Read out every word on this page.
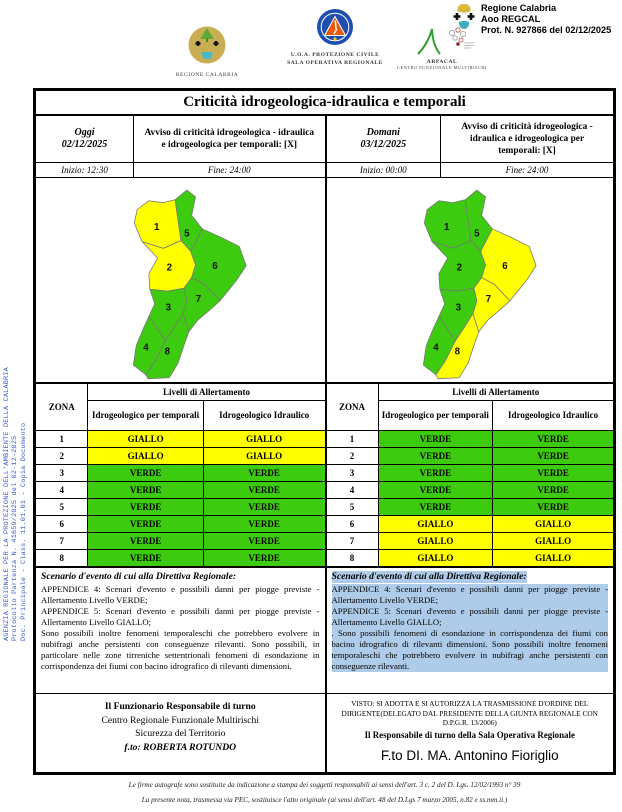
AGENZIA REGIONALE PER LA PROTEZIONE DELL'AMBIENTE DELLA CALABRIA Protocollo Partenza N. 41659/2025 del 02-12-2025 Doc. Principale - Class. 11.01.01 - Copia Documento
REGIONE CALABRIA
U.O.A. PROTEZIONE CIVILE
SALA OPERATIVA REGIONALE	ARPACAL
CENTRO FUNZIONALE MULTIRISCHI
Regione Calabria
Aoo REGCAL
Prot. N. 927866 del 02/12/2025
Criticità idrogeologica-idraulica e temporali
Oggi
02/12/2025
Avviso di criticità idrogeologica - idraulica e idrogeologica per temporali: [X]
Inizio: 12:30	Fine: 24:00
1
2
3
4
5
6
7
8
ZONA	Livelli di Allertamento	
	Idrogeologico per temporali	Idrogeologico Idraulico
1	GIALLO	GIALLO
2	GIALLO	GIALLO
3	VERDE	VERDE
4	VERDE	VERDE
5	VERDE	VERDE
6	VERDE	VERDE
7	VERDE	VERDE
8	VERDE	VERDE
Scenario d'evento di cui alla Direttiva Regionale:
APPENDICE 4: Scenari d'evento e possibili danni per piogge previste - Allertamento Livello VERDE;
APPENDICE 5: Scenari d'evento e possibili danni per piogge previste - Allertamento Livello GIALLO;
Sono possibili inoltre fenomeni temporaleschi che potrebbero evolvere in nubifragi anche persistenti con conseguenze rilevanti. Sono possibili, in particolare nelle zone tirreniche settentrionali fenomeni di esondazione in corrispondenza dei fiumi con bacino idrografico di rilevanti dimensioni.
Il Funzionario Responsabile di turno
Centro Regionale Funzionale Multirischi
Sicurezza del Territorio
f.to: ROBERTA ROTUNDO
Domani
03/12/2025
Avviso di criticità idrogeologica - idraulica e idrogeologica per temporali: [X]
Inizio: 00:00	Fine: 24:00
1
2
3
4
5
6
7
8
ZONA	Livelli di Allertamento	
	Idrogeologico per temporali	Idrogeologico Idraulico
1	VERDE	VERDE
2	VERDE	VERDE
3	VERDE	VERDE
4	VERDE	VERDE
5	VERDE	VERDE
6	GIALLO	GIALLO
7	GIALLO	GIALLO
8	GIALLO	GIALLO
Scenario d'evento di cui alla Direttiva Regionale:
APPENDICE 4: Scenari d'evento e possibili danni per piogge previste - Allertamento Livello VERDE;
APPENDICE 5: Scenari d'evento e possibili danni per piogge previste - Allertamento Livello GIALLO;
. Sono possibili fenomeni di esondazione in corrispondenza dei fiumi con bacino idrografico di rilevanti dimensioni. Sono possibili inoltre fenomeni temporaleschi che potrebbero evolvere in nubifragi anche persistenti con conseguenze rilevanti.
VISTO: SI ADOTTA E SI AUTORIZZA LA TRASMISSIONE D'ORDINE DEL DIRIGENTE(DELEGATO DAL PRESIDENTE DELLA GIUNTA REGIONALE CON D.P.G.R. 13/2006)
Il Responsabile di turno della Sala Operativa Regionale
F.to DI. MA. Antonino Fioriglio
Le firme autografe sono sostituite da indicazione a stampa dei soggetti responsabili ai sensi dell'art. 3 c. 2 del D. Lgs. 12/02/1993 n° 39
La presente nota, trasmessa via PEC, sostituisce l'atto originale (ai sensi dell'art. 48 del D.Lgs 7 marzo 2005, n.82 e ss.mm.ii.)
